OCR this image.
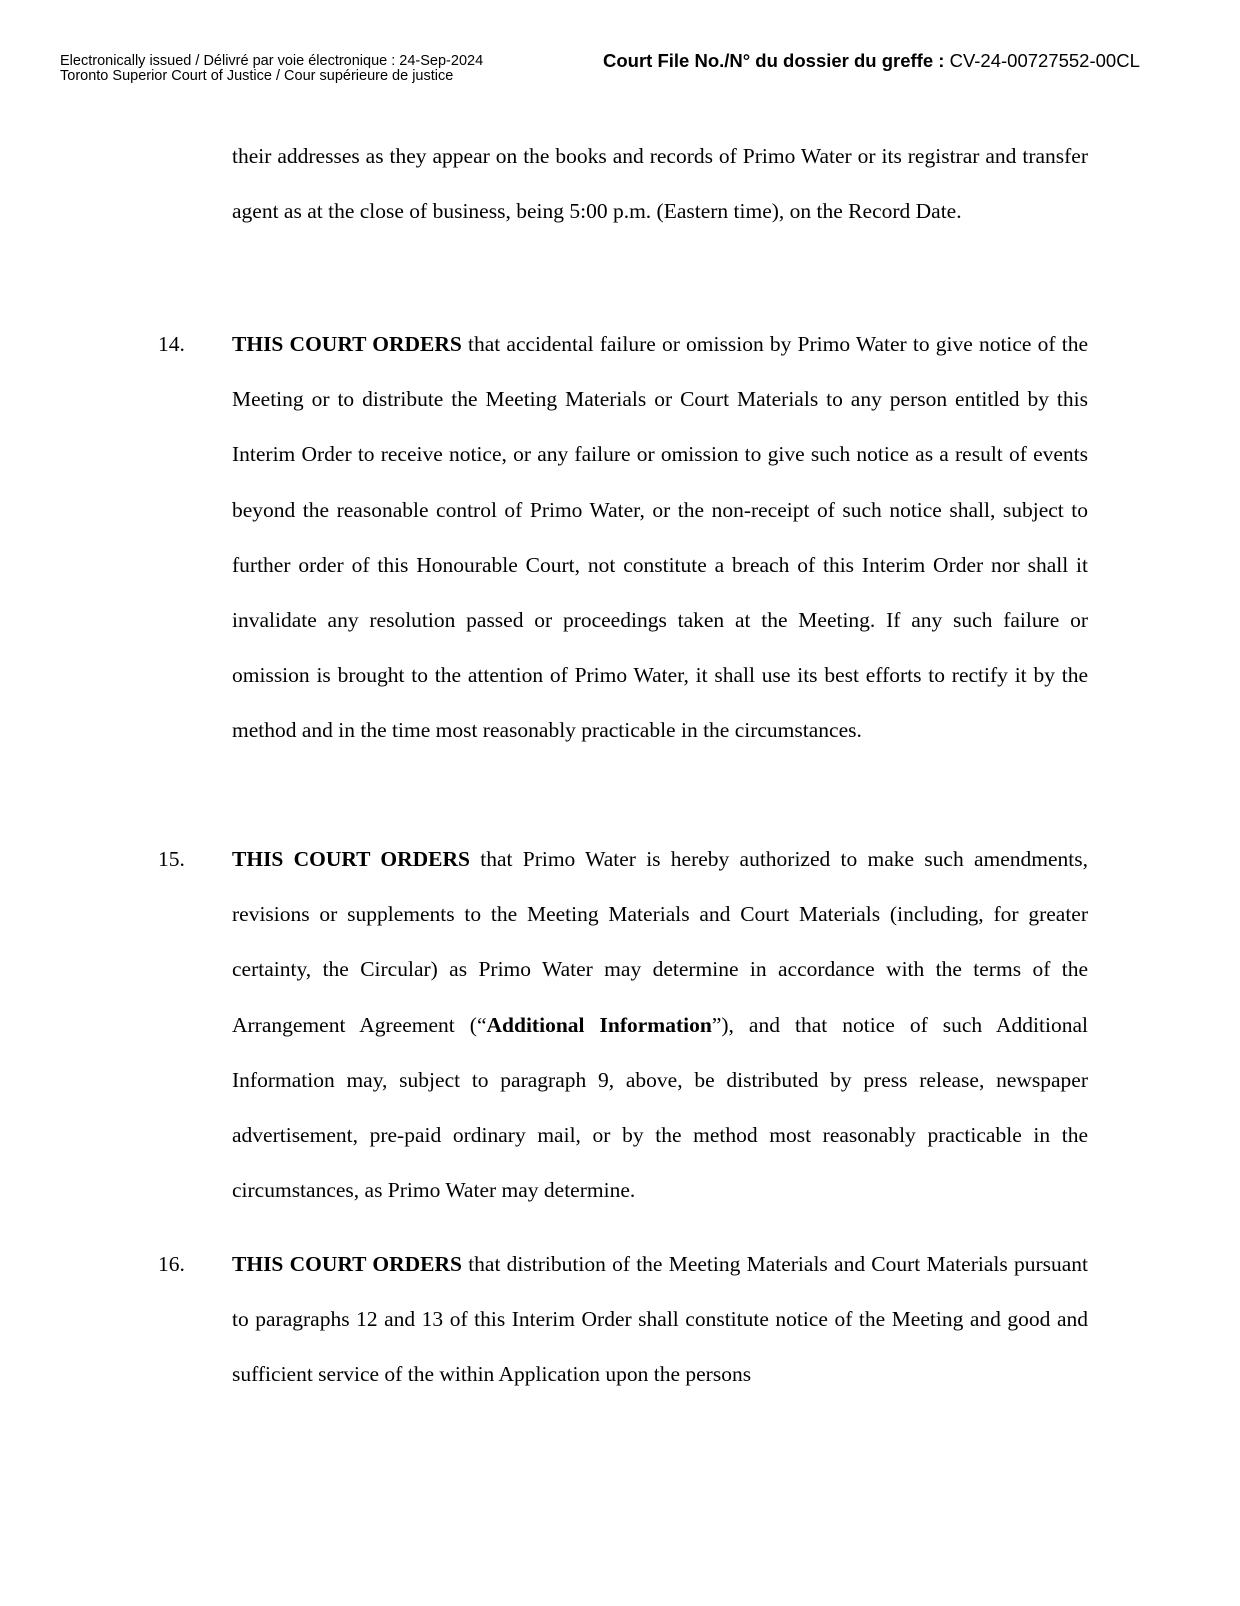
Electronically issued / Délivré par voie électronique : 24-Sep-2024
Toronto Superior Court of Justice / Cour supérieure de justice
Court File No./N° du dossier du greffe : CV-24-00727552-00CL

their addresses as they appear on the books and records of Primo Water or its registrar and transfer agent as at the close of business, being 5:00 p.m. (Eastern time), on the Record Date.

14. THIS COURT ORDERS that accidental failure or omission by Primo Water to give notice of the Meeting or to distribute the Meeting Materials or Court Materials to any person entitled by this Interim Order to receive notice, or any failure or omission to give such notice as a result of events beyond the reasonable control of Primo Water, or the non-receipt of such notice shall, subject to further order of this Honourable Court, not constitute a breach of this Interim Order nor shall it invalidate any resolution passed or proceedings taken at the Meeting. If any such failure or omission is brought to the attention of Primo Water, it shall use its best efforts to rectify it by the method and in the time most reasonably practicable in the circumstances.

15. THIS COURT ORDERS that Primo Water is hereby authorized to make such amendments, revisions or supplements to the Meeting Materials and Court Materials (including, for greater certainty, the Circular) as Primo Water may determine in accordance with the terms of the Arrangement Agreement (“Additional Information”), and that notice of such Additional Information may, subject to paragraph 9, above, be distributed by press release, newspaper advertisement, pre-paid ordinary mail, or by the method most reasonably practicable in the circumstances, as Primo Water may determine.

16. THIS COURT ORDERS that distribution of the Meeting Materials and Court Materials pursuant to paragraphs 12 and 13 of this Interim Order shall constitute notice of the Meeting and good and sufficient service of the within Application upon the persons
